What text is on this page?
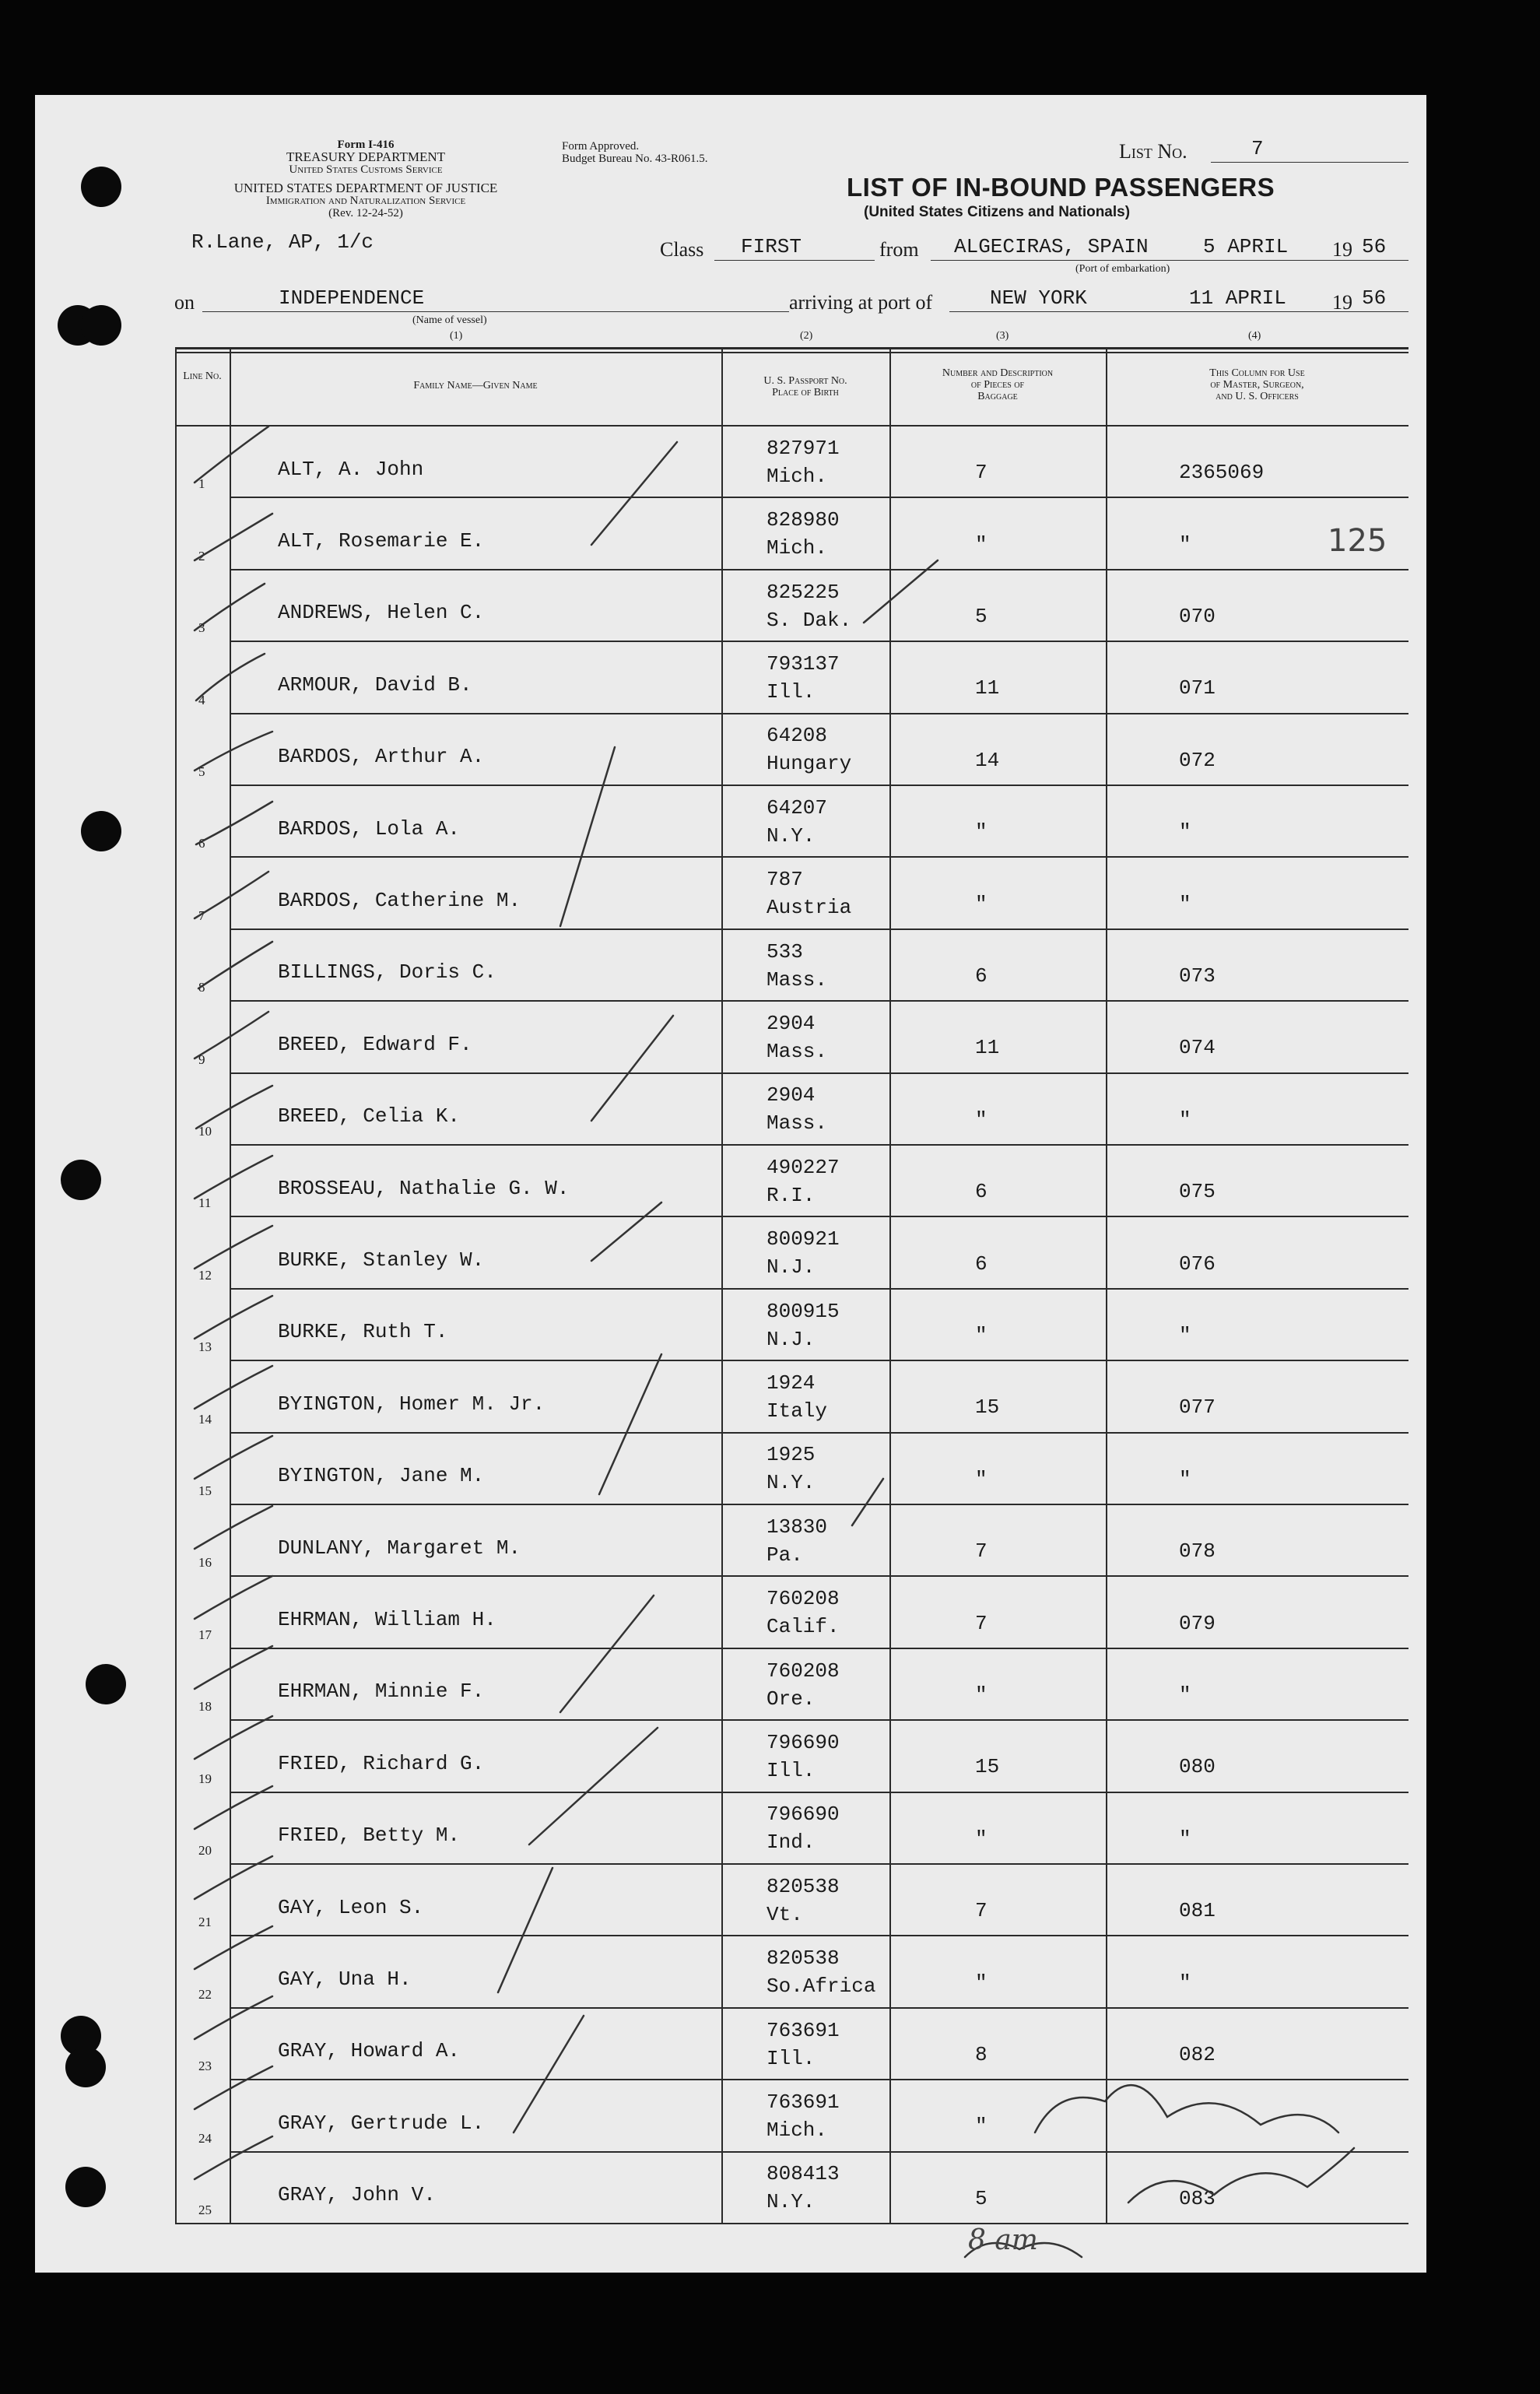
Form I-416
TREASURY DEPARTMENT
United States Customs Service
UNITED STATES DEPARTMENT OF JUSTICE
Immigration and Naturalization Service
(Rev. 12-24-52)
Form Approved.
Budget Bureau No. 43-R061.5.	List No.	7
LIST OF IN-BOUND PASSENGERS
(United States Citizens and Nationals)
R.Lane, AP, 1/c	Class FIRST	from ALGECIRAS, SPAIN	5 APRIL 19 56
(Port of embarkation)
on	INDEPENDENCE
(Name of vessel)
arriving at port of	NEW YORK	11 APRIL 19 56
(1)	(2)	(3)	(4)
Line No.
Family Name—Given Name	U. S. Passport No.
Place of Birth
Number and Description
of Pieces of
Baggage
This Column for Use
of Master, Surgeon,
and U. S. Officers
1
ALT, A. John
827971
Mich.	7	2365069
2
ALT, Rosemarie E.
828980
Mich.	"	"
3
ANDREWS, Helen C.
825225
S. Dak.	5	070
4
ARMOUR, David B.
793137
Ill.	11	071
5
BARDOS, Arthur A.
64208
Hungary	14	072
6
BARDOS, Lola A.
64207
N.Y.	"	"
7
BARDOS, Catherine M.
787
Austria	"	"
8
BILLINGS, Doris C.
533
Mass.	6	073
9
BREED, Edward F.
2904
Mass.	11	074
10
BREED, Celia K.
2904
Mass.	"	"
11
BROSSEAU, Nathalie G. W.
490227
R.I.	6	075
12
BURKE, Stanley W.
800921
N.J.	6	076
13
BURKE, Ruth T.
800915
N.J.	"	"
14
BYINGTON, Homer M. Jr.
1924
Italy	15	077
15
BYINGTON, Jane M.
1925
N.Y.	"	"
16
DUNLANY, Margaret M.
13830
Pa.	7	078
17
EHRMAN, William H.
760208
Calif.	7	079
18
EHRMAN, Minnie F.
760208
Ore.	"	"
19
FRIED, Richard G.
796690
Ill.	15	080
20
FRIED, Betty M.
796690
Ind.	"	"
21
GAY, Leon S.
820538
Vt.	7	081
22
GAY, Una H.
820538
So.Africa	"	"
23
GRAY, Howard A.
763691
Ill.	8	082
24
GRAY, Gertrude L.
763691
Mich.	"
25
GRAY, John V.
808413
N.Y.	5	083
125
8 am
